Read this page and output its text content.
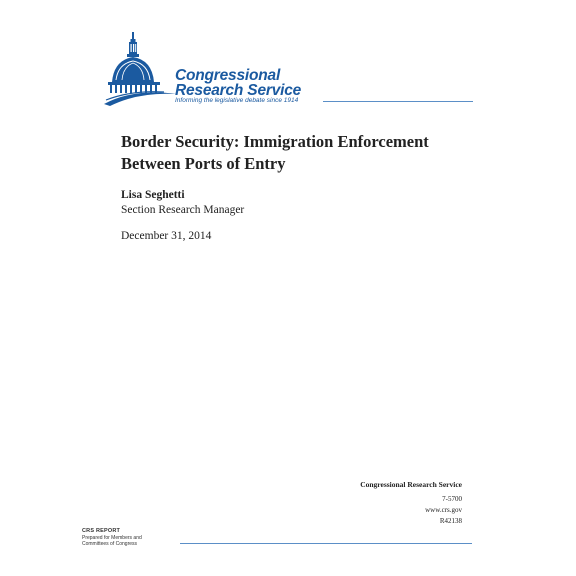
Congressional
Research Service
Informing the legislative debate since 1914
Border Security: Immigration Enforcement
Between Ports of Entry
Lisa Seghetti
Section Research Manager
December 31, 2014
Congressional Research Service
7-5700
www.crs.gov
R42138
CRS REPORT
Prepared for Members and
Committees of Congress
